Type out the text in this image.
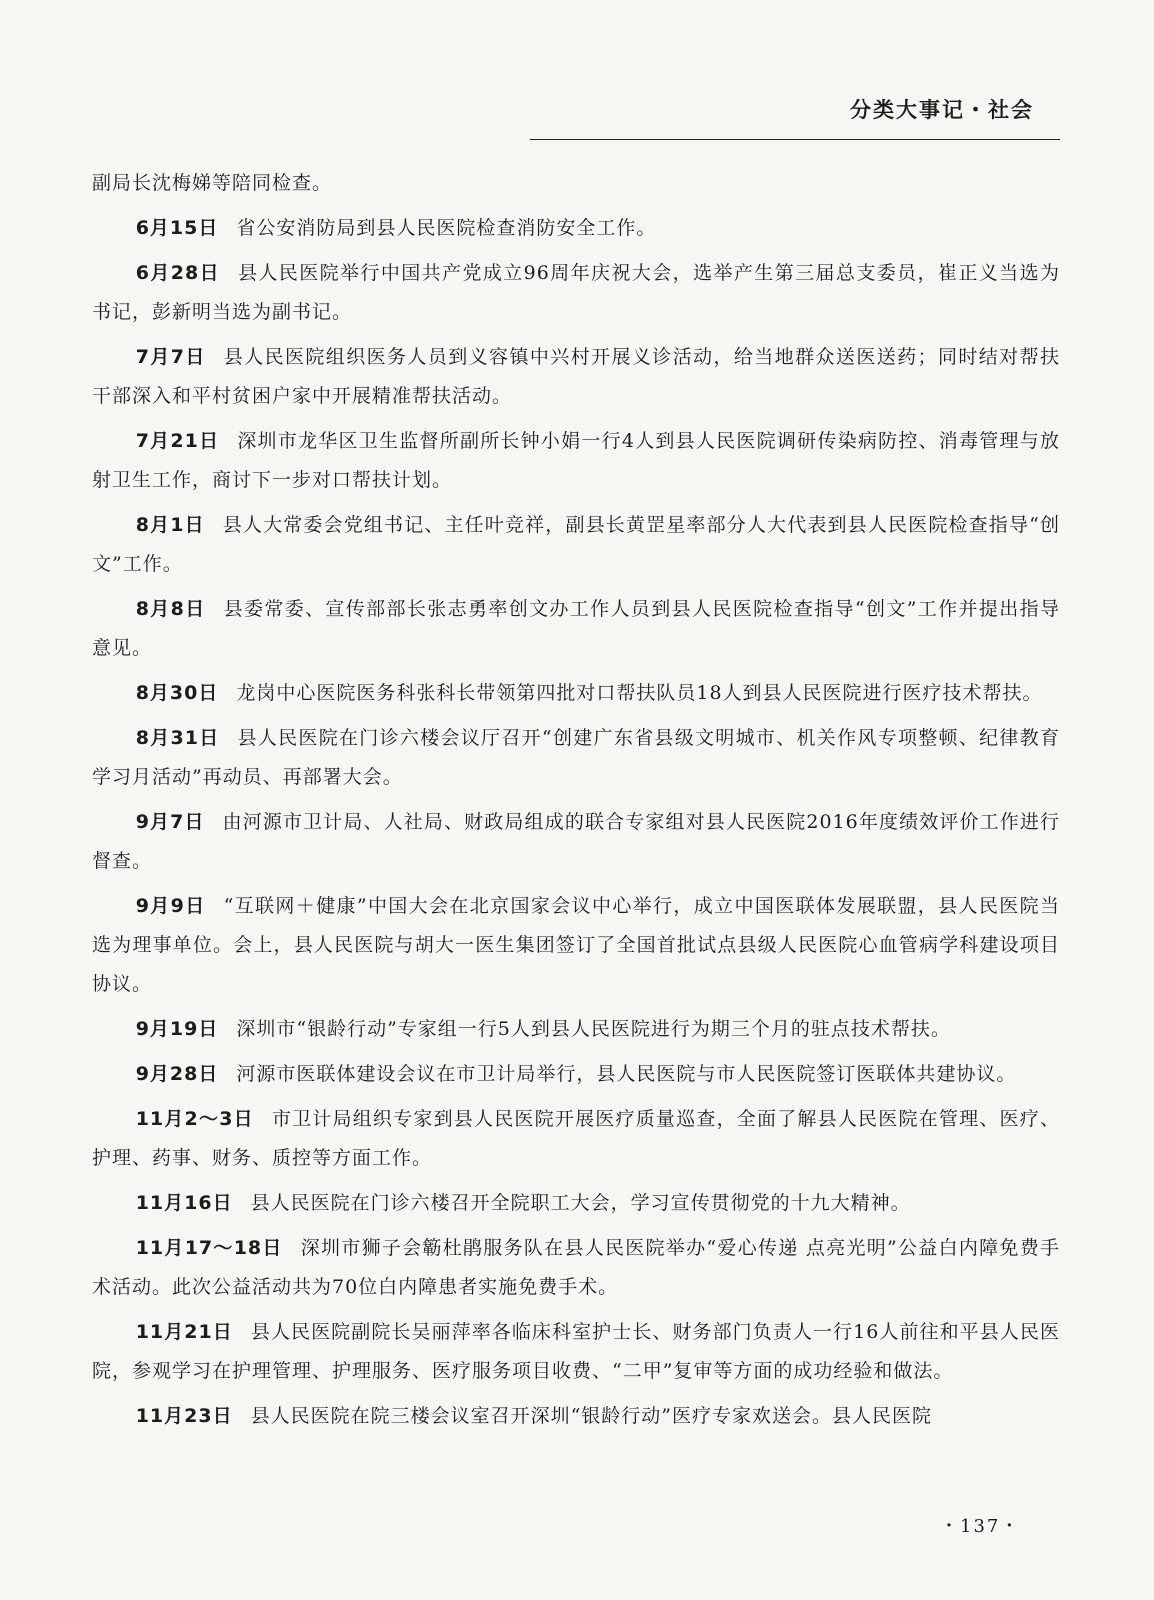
分类大事记・社会

副局长沈梅娣等陪同检查。

6月15日 省公安消防局到县人民医院检查消防安全工作。

6月28日 县人民医院举行中国共产党成立96周年庆祝大会，选举产生第三届总支委员，崔正义当选为书记，彭新明当选为副书记。

7月7日 县人民医院组织医务人员到义容镇中兴村开展义诊活动，给当地群众送医送药；同时结对帮扶干部深入和平村贫困户家中开展精准帮扶活动。

7月21日 深圳市龙华区卫生监督所副所长钟小娟一行4人到县人民医院调研传染病防控、消毒管理与放射卫生工作，商讨下一步对口帮扶计划。

8月1日 县人大常委会党组书记、主任叶竞祥，副县长黄罡星率部分人大代表到县人民医院检查指导“创文”工作。

8月8日 县委常委、宣传部部长张志勇率创文办工作人员到县人民医院检查指导“创文”工作并提出指导意见。

8月30日 龙岗中心医院医务科张科长带领第四批对口帮扶队员18人到县人民医院进行医疗技术帮扶。

8月31日 县人民医院在门诊六楼会议厅召开“创建广东省县级文明城市、机关作风专项整顿、纪律教育学习月活动”再动员、再部署大会。

9月7日 由河源市卫计局、人社局、财政局组成的联合专家组对县人民医院2016年度绩效评价工作进行督查。

9月9日 “互联网＋健康”中国大会在北京国家会议中心举行，成立中国医联体发展联盟，县人民医院当选为理事单位。会上，县人民医院与胡大一医生集团签订了全国首批试点县级人民医院心血管病学科建设项目协议。

9月19日 深圳市“银龄行动”专家组一行5人到县人民医院进行为期三个月的驻点技术帮扶。

9月28日 河源市医联体建设会议在市卫计局举行，县人民医院与市人民医院签订医联体共建协议。

11月2～3日 市卫计局组织专家到县人民医院开展医疗质量巡查，全面了解县人民医院在管理、医疗、护理、药事、财务、质控等方面工作。

11月16日 县人民医院在门诊六楼召开全院职工大会，学习宣传贯彻党的十九大精神。

11月17～18日 深圳市狮子会簕杜鹃服务队在县人民医院举办“爱心传递 点亮光明”公益白内障免费手术活动。此次公益活动共为70位白内障患者实施免费手术。

11月21日 县人民医院副院长吴丽萍率各临床科室护士长、财务部门负责人一行16人前往和平县人民医院，参观学习在护理管理、护理服务、医疗服务项目收费、“二甲”复审等方面的成功经验和做法。

11月23日 县人民医院在院三楼会议室召开深圳“银龄行动”医疗专家欢送会。县人民医院

・137・
